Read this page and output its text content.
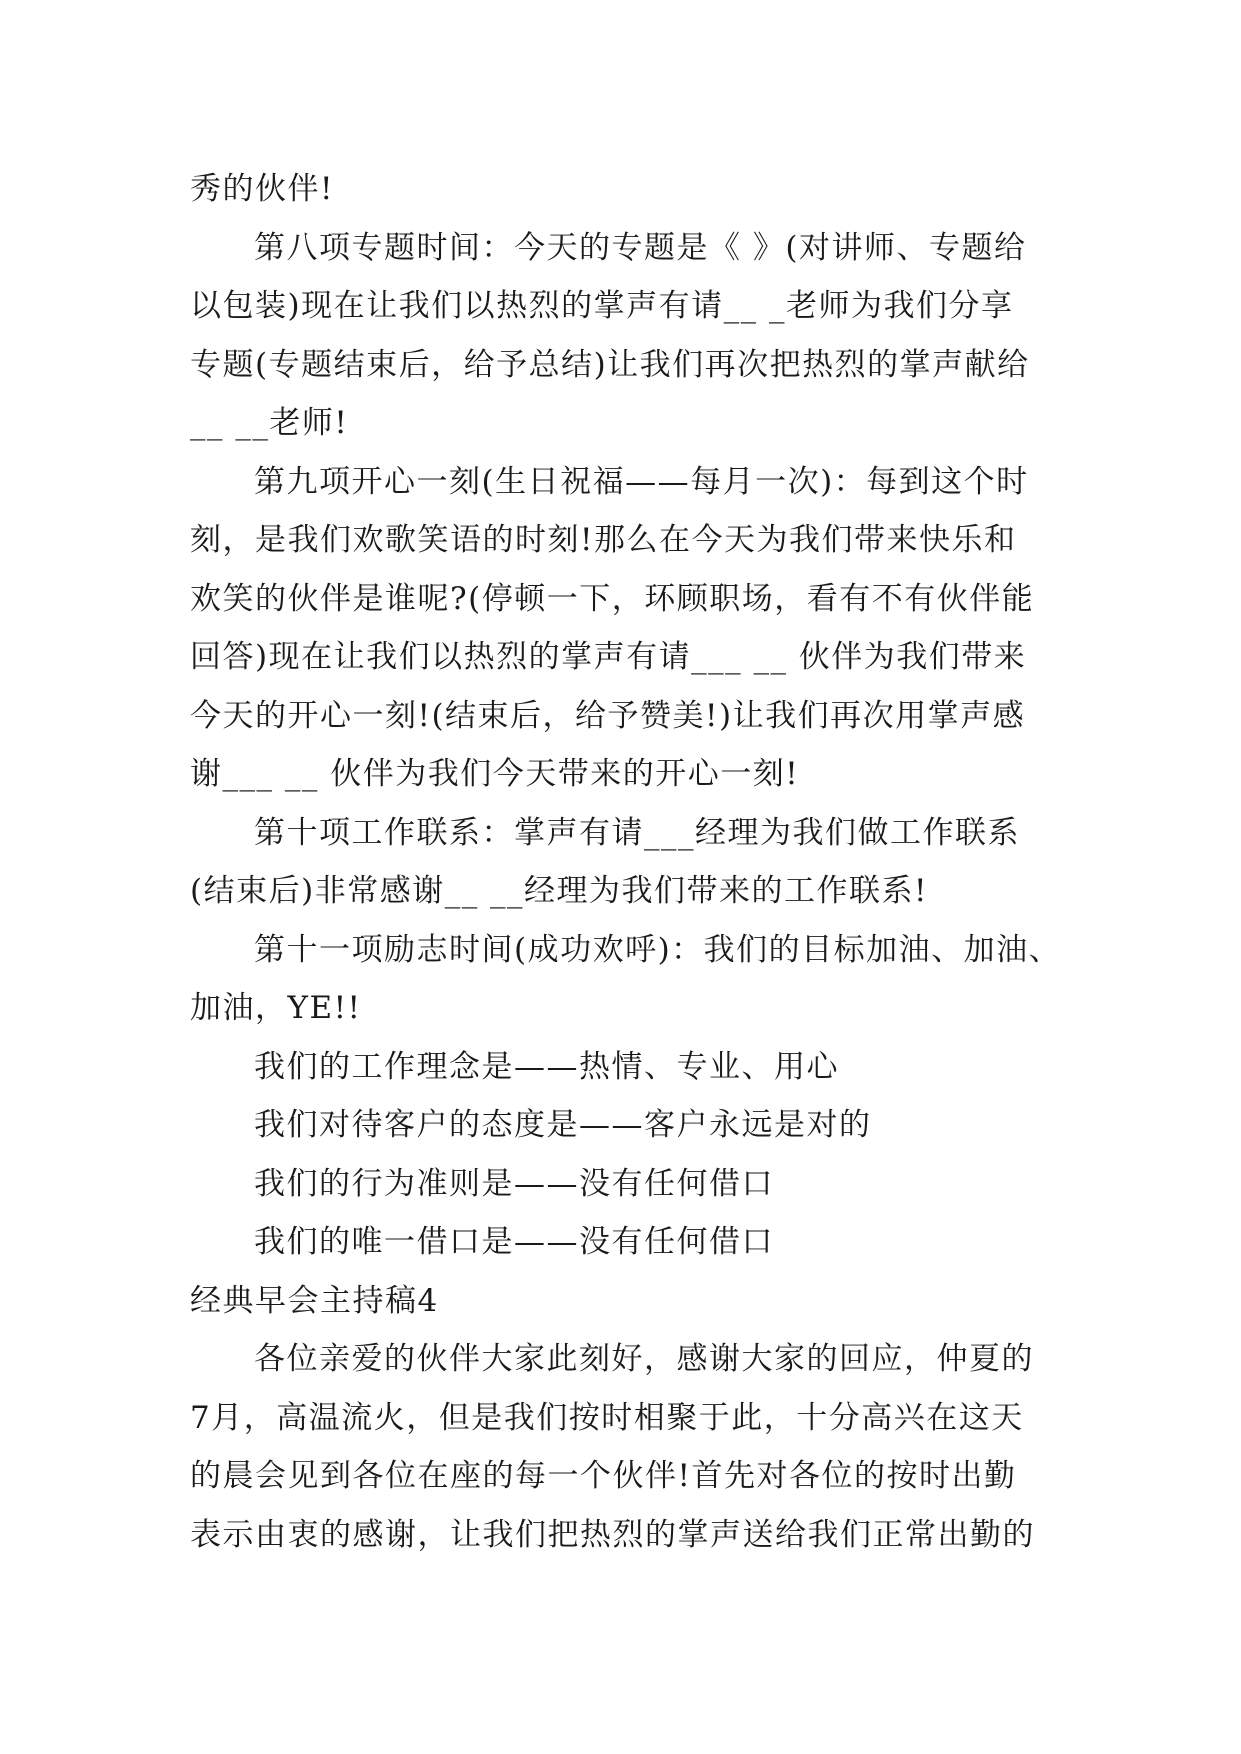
秀的伙伴!
第八项专题时间：今天的专题是《 》(对讲师、专题给
以包装)现在让我们以热烈的掌声有请__ _老师为我们分享
专题(专题结束后，给予总结)让我们再次把热烈的掌声献给
__ __老师!
第九项开心一刻(生日祝福——每月一次)：每到这个时
刻，是我们欢歌笑语的时刻!那么在今天为我们带来快乐和
欢笑的伙伴是谁呢?(停顿一下，环顾职场，看有不有伙伴能
回答)现在让我们以热烈的掌声有请___ __ 伙伴为我们带来
今天的开心一刻!(结束后，给予赞美!)让我们再次用掌声感
谢___ __ 伙伴为我们今天带来的开心一刻!
第十项工作联系：掌声有请___经理为我们做工作联系
(结束后)非常感谢__ __经理为我们带来的工作联系!
第十一项励志时间(成功欢呼)：我们的目标加油、加油、
加油，YE!!
我们的工作理念是——热情、专业、用心
我们对待客户的态度是——客户永远是对的
我们的行为准则是——没有任何借口
我们的唯一借口是——没有任何借口
经典早会主持稿4
各位亲爱的伙伴大家此刻好，感谢大家的回应，仲夏的
7月，高温流火，但是我们按时相聚于此，十分高兴在这天
的晨会见到各位在座的每一个伙伴!首先对各位的按时出勤
表示由衷的感谢，让我们把热烈的掌声送给我们正常出勤的
